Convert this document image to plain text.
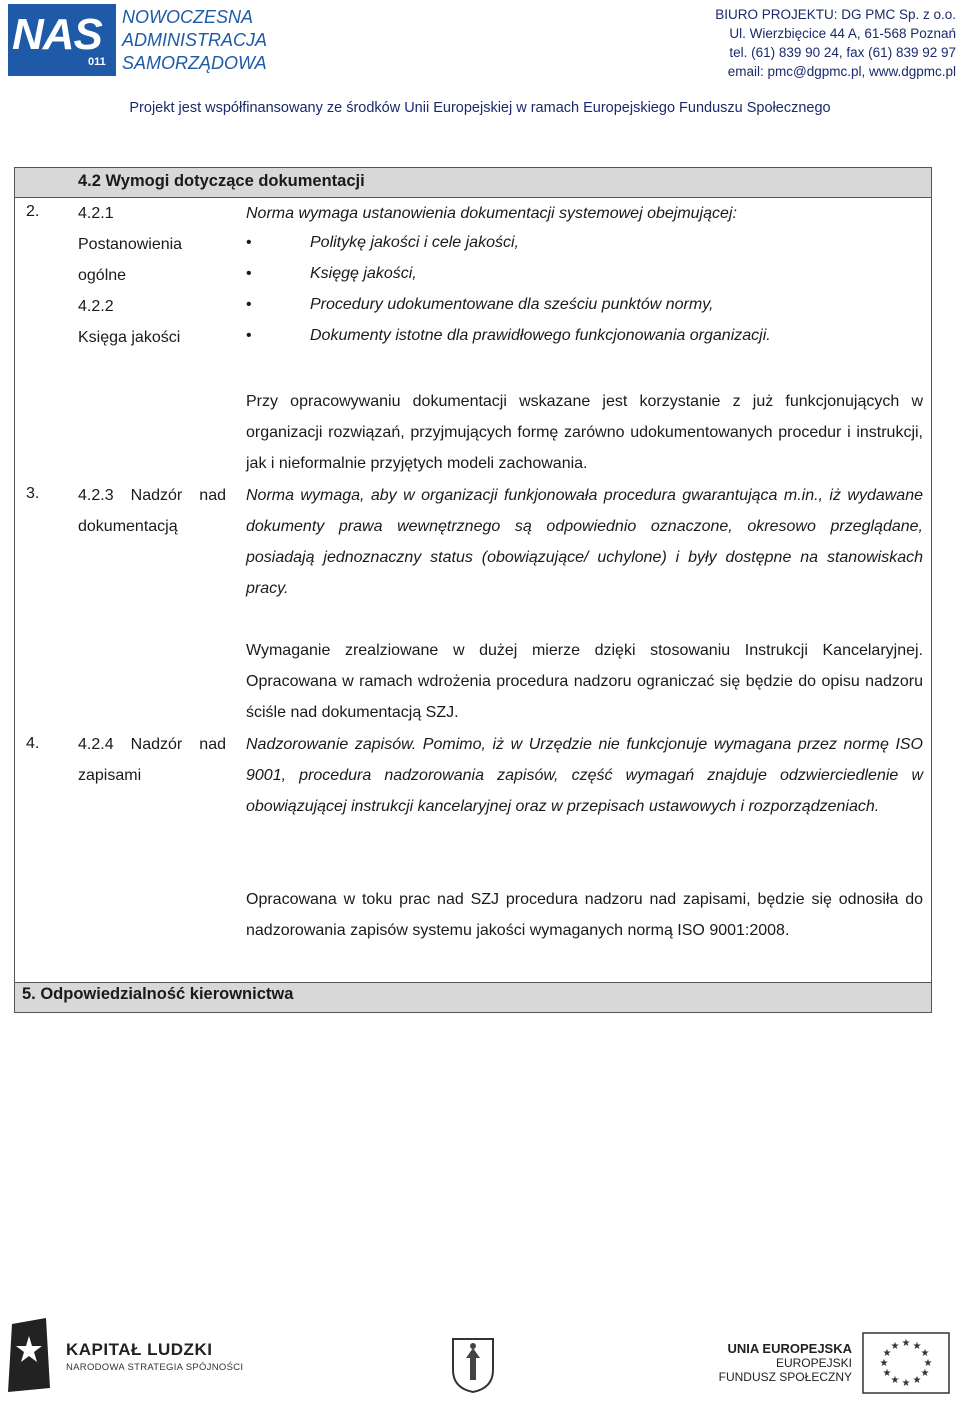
NAS
011
NOWOCZESNA
ADMINISTRACJA
SAMORZĄDOWA
BIURO PROJEKTU: DG PMC Sp. z o.o.
Ul. Wierzbięcice 44 A, 61-568 Poznań
tel. (61) 839 90 24, fax (61) 839 92 97
email: pmc@dgpmc.pl, www.dgpmc.pl
Projekt jest współfinansowany ze środków Unii Europejskiej w ramach Europejskiego Funduszu Społecznego
4.2 Wymogi dotyczące dokumentacji
2. 4.2.1
Postanowienia
ogólne
4.2.2
Księga jakości
Norma wymaga ustanowienia dokumentacji systemowej obejmującej:
• Politykę jakości i cele jakości,
• Księgę jakości,
• Procedury udokumentowane dla sześciu punktów normy,
• Dokumenty istotne dla prawidłowego funkcjonowania organizacji.
Przy opracowywaniu dokumentacji wskazane jest korzystanie z już funkcjonujących w organizacji rozwiązań, przyjmujących formę zarówno udokumentowanych procedur i instrukcji, jak i nieformalnie przyjętych modeli zachowania.
3. 4.2.3 Nadzór nad
dokumentacją
Norma wymaga, aby w organizacji funkjonowała procedura gwarantująca m.in., iż wydawane dokumenty prawa wewnętrznego są odpowiednio oznaczone, okresowo przeglądane, posiadają jednoznaczny status (obowiązujące/ uchylone) i były dostępne na stanowiskach pracy.
Wymaganie zrealziowane w dużej mierze dzięki stosowaniu Instrukcji Kancelaryjnej. Opracowana w ramach wdrożenia procedura nadzoru ograniczać się będzie do opisu nadzoru ściśle nad dokumentacją SZJ.
4. 4.2.4 Nadzór nad
zapisami
Nadzorowanie zapisów. Pomimo, iż w Urzędzie nie funkcjonuje wymagana przez normę ISO 9001, procedura nadzorowania zapisów, część wymagań znajduje odzwierciedlenie w obowiązującej instrukcji kancelaryjnej oraz w przepisach ustawowych i rozporządzeniach.
Opracowana w toku prac nad SZJ procedura nadzoru nad zapisami, będzie się odnosiła do nadzorowania zapisów systemu jakości wymaganych normą ISO 9001:2008.
5. Odpowiedzialność kierownictwa
KAPITAŁ LUDZKI
NARODOWA STRATEGIA SPÓJNOŚCI
UNIA EUROPEJSKA
EUROPEJSKI
FUNDUSZ SPOŁECZNY
★ ★
★
★
★
★
★
★
★
★
★
★
